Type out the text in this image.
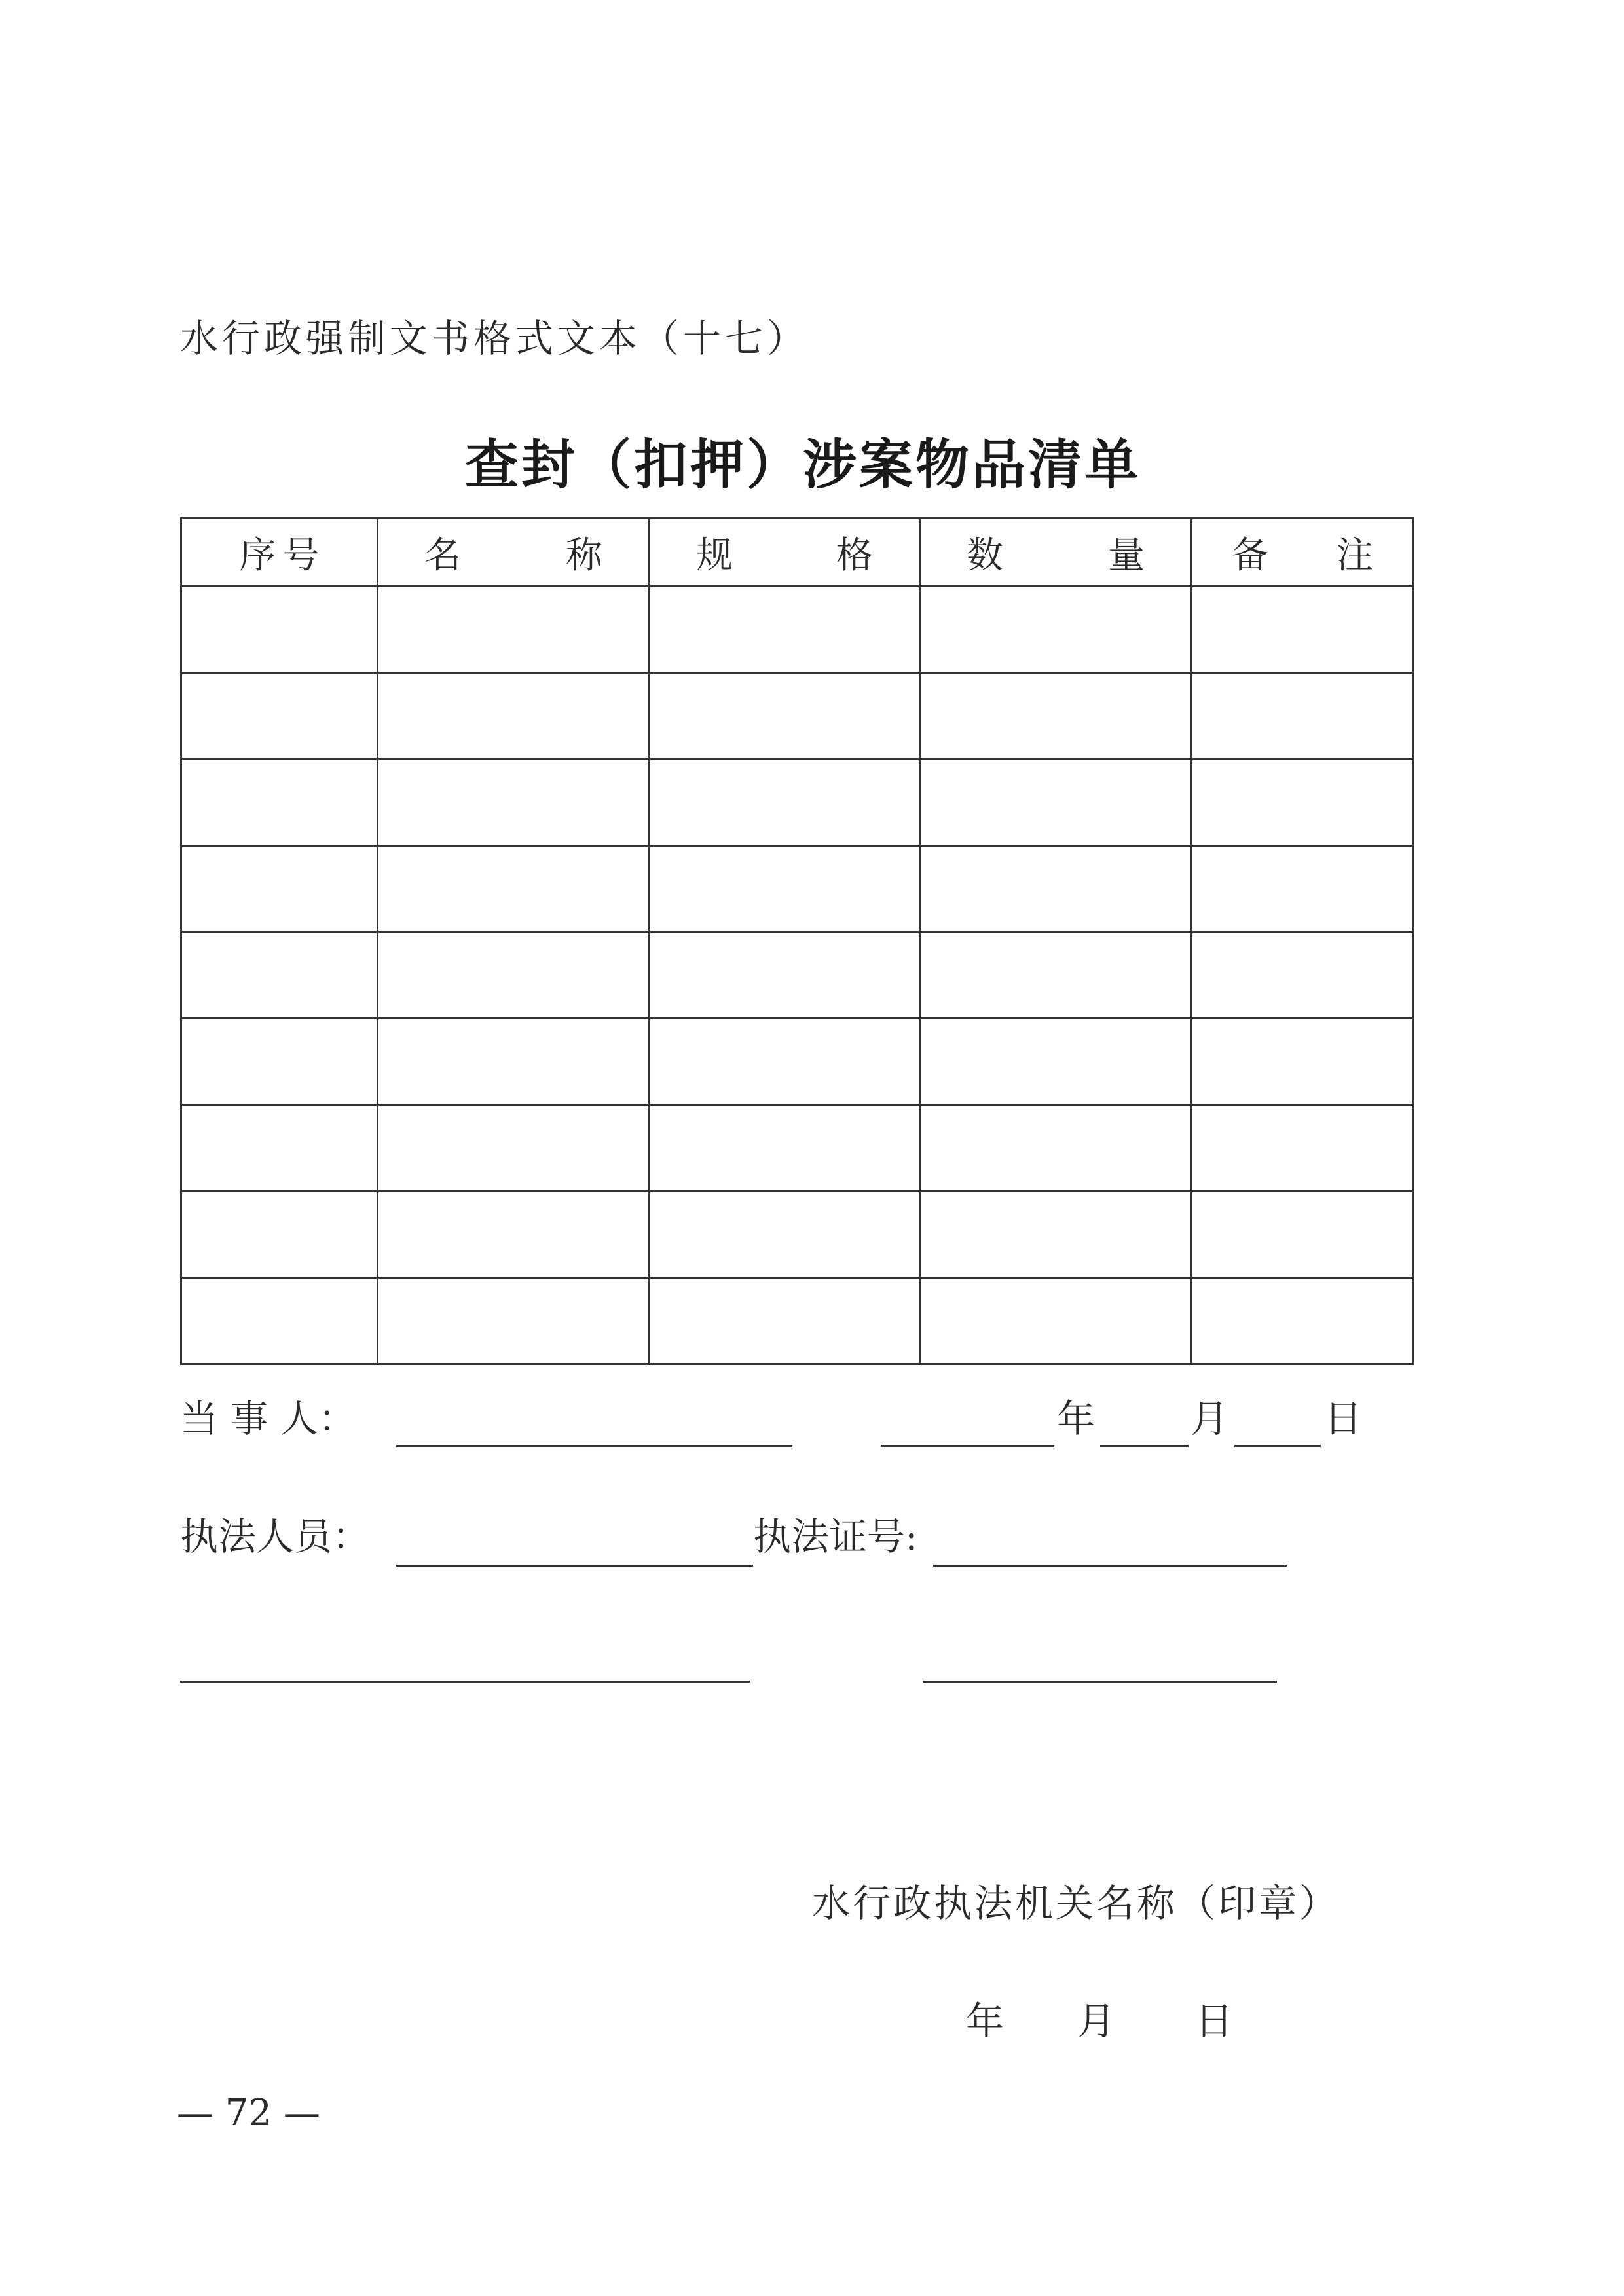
水行政强制文书格式文本（十七）
查封（扣押）涉案物品清单
序 号	名 称	规 格	数 量	备 注

当 事 人：	年	月	日
执法人员：	执法证号:
水行政执法机关名称（印章）
年 月 日
— 72 —
